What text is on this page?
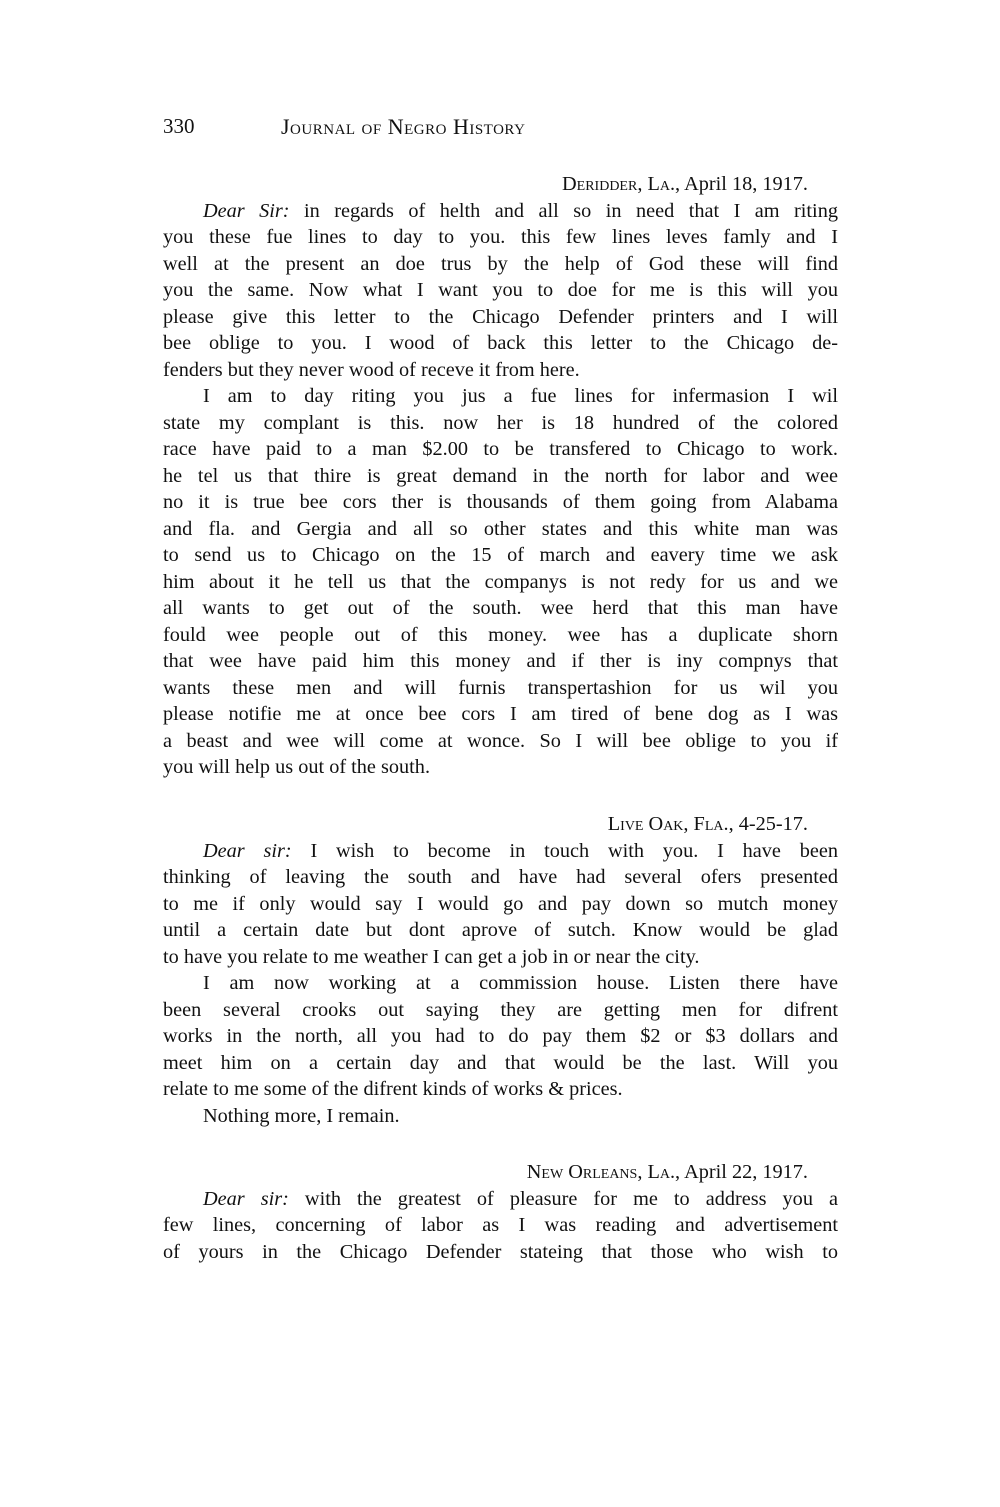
330	Journal of Negro History
Deridder, La., April 18, 1917.
Dear Sir: in regards of helth and all so in need that I am riting
you these fue lines to day to you. this few lines leves famly and I
well at the present an doe trus by the help of God these will find
you the same. Now what I want you to doe for me is this will you
please give this letter to the Chicago Defender printers and I will
bee oblige to you. I wood of back this letter to the Chicago de-
fenders but they never wood of receve it from here.
I am to day riting you jus a fue lines for infermasion I wil
state my complant is this. now her is 18 hundred of the colored
race have paid to a man $2.00 to be transfered to Chicago to work.
he tel us that thire is great demand in the north for labor and wee
no it is true bee cors ther is thousands of them going from Alabama
and fla. and Gergia and all so other states and this white man was
to send us to Chicago on the 15 of march and eavery time we ask
him about it he tell us that the companys is not redy for us and we
all wants to get out of the south. wee herd that this man have
fould wee people out of this money. wee has a duplicate shorn
that wee have paid him this money and if ther is iny compnys that
wants these men and will furnis transpertashion for us wil you
please notifie me at once bee cors I am tired of bene dog as I was
a beast and wee will come at wonce. So I will bee oblige to you if
you will help us out of the south.
Live Oak, Fla., 4-25-17.
Dear sir: I wish to become in touch with you. I have been
thinking of leaving the south and have had several ofers presented
to me if only would say I would go and pay down so mutch money
until a certain date but dont aprove of sutch. Know would be glad
to have you relate to me weather I can get a job in or near the city.
I am now working at a commission house. Listen there have
been several crooks out saying they are getting men for difrent
works in the north, all you had to do pay them $2 or $3 dollars and
meet him on a certain day and that would be the last. Will you
relate to me some of the difrent kinds of works & prices.
Nothing more, I remain.
New Orleans, La., April 22, 1917.
Dear sir: with the greatest of pleasure for me to address you a
few lines, concerning of labor as I was reading and advertisement
of yours in the Chicago Defender stateing that those who wish to
